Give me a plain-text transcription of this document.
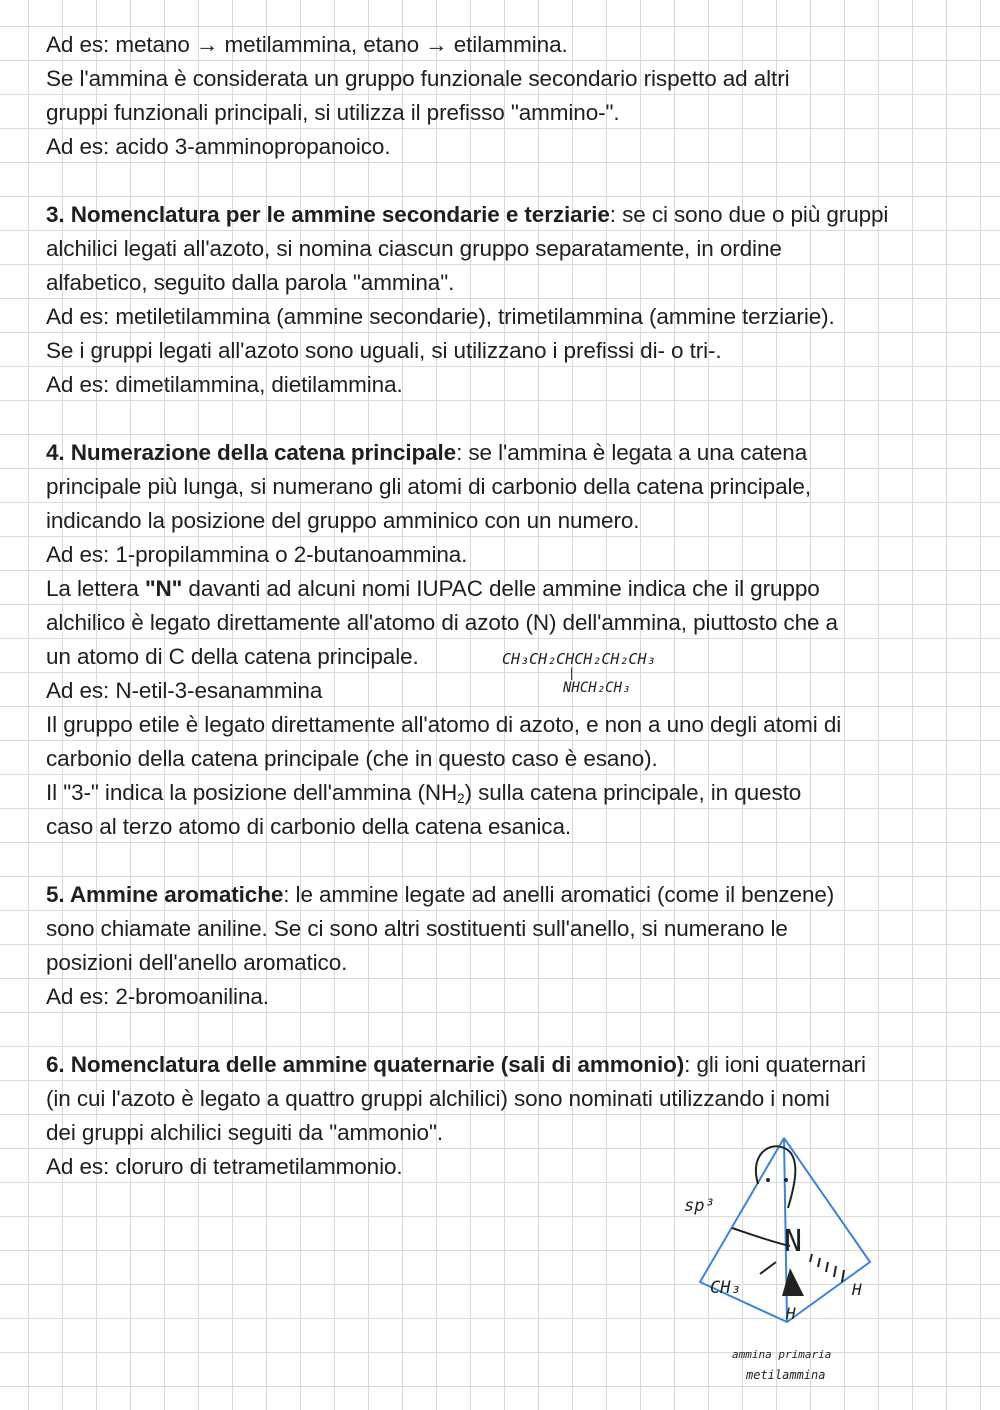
Ad es: metano → metilammina, etano → etilammina.
Se l'ammina è considerata un gruppo funzionale secondario rispetto ad altri
gruppi funzionali principali, si utilizza il prefisso "ammino-".
Ad es: acido 3-amminopropanoico.
3. Nomenclatura per le ammine secondarie e terziarie: se ci sono due o più gruppi
alchilici legati all'azoto, si nomina ciascun gruppo separatamente, in ordine
alfabetico, seguito dalla parola "ammina".
Ad es: metiletilammina (ammine secondarie), trimetilammina (ammine terziarie).
Se i gruppi legati all'azoto sono uguali, si utilizzano i prefissi di- o tri-.
Ad es: dimetilammina, dietilammina.
4. Numerazione della catena principale: se l'ammina è legata a una catena
principale più lunga, si numerano gli atomi di carbonio della catena principale,
indicando la posizione del gruppo amminico con un numero.
Ad es: 1-propilammina o 2-butanoammina.
La lettera "N" davanti ad alcuni nomi IUPAC delle ammine indica che il gruppo
alchilico è legato direttamente all'atomo di azoto (N) dell'ammina, piuttosto che a
un atomo di C della catena principale.
Ad es: N-etil-3-esanammina
Il gruppo etile è legato direttamente all'atomo di azoto, e non a uno degli atomi di
carbonio della catena principale (che in questo caso è esano).
Il "3-" indica la posizione dell'ammina $(NH_2)$ sulla catena principale, in questo
caso al terzo atomo di carbonio della catena esanica.
5. Ammine aromatiche: le ammine legate ad anelli aromatici (come il benzene)
sono chiamate aniline. Se ci sono altri sostituenti sull'anello, si numerano le
posizioni dell'anello aromatico.
Ad es: 2-bromoanilina.
6. Nomenclatura delle ammine quaternarie (sali di ammonio): gli ioni quaternari
(in cui l'azoto è legato a quattro gruppi alchilici) sono nominati utilizzando i nomi
dei gruppi alchilici seguiti da "ammonio".
Ad es: cloruro di tetrametilammonio.
CH₃CH₂CHCH₂CH₂CH₃
|
NHCH₂CH₃
sp³
N
CH₃	H
H
ammina primaria
metilammina
